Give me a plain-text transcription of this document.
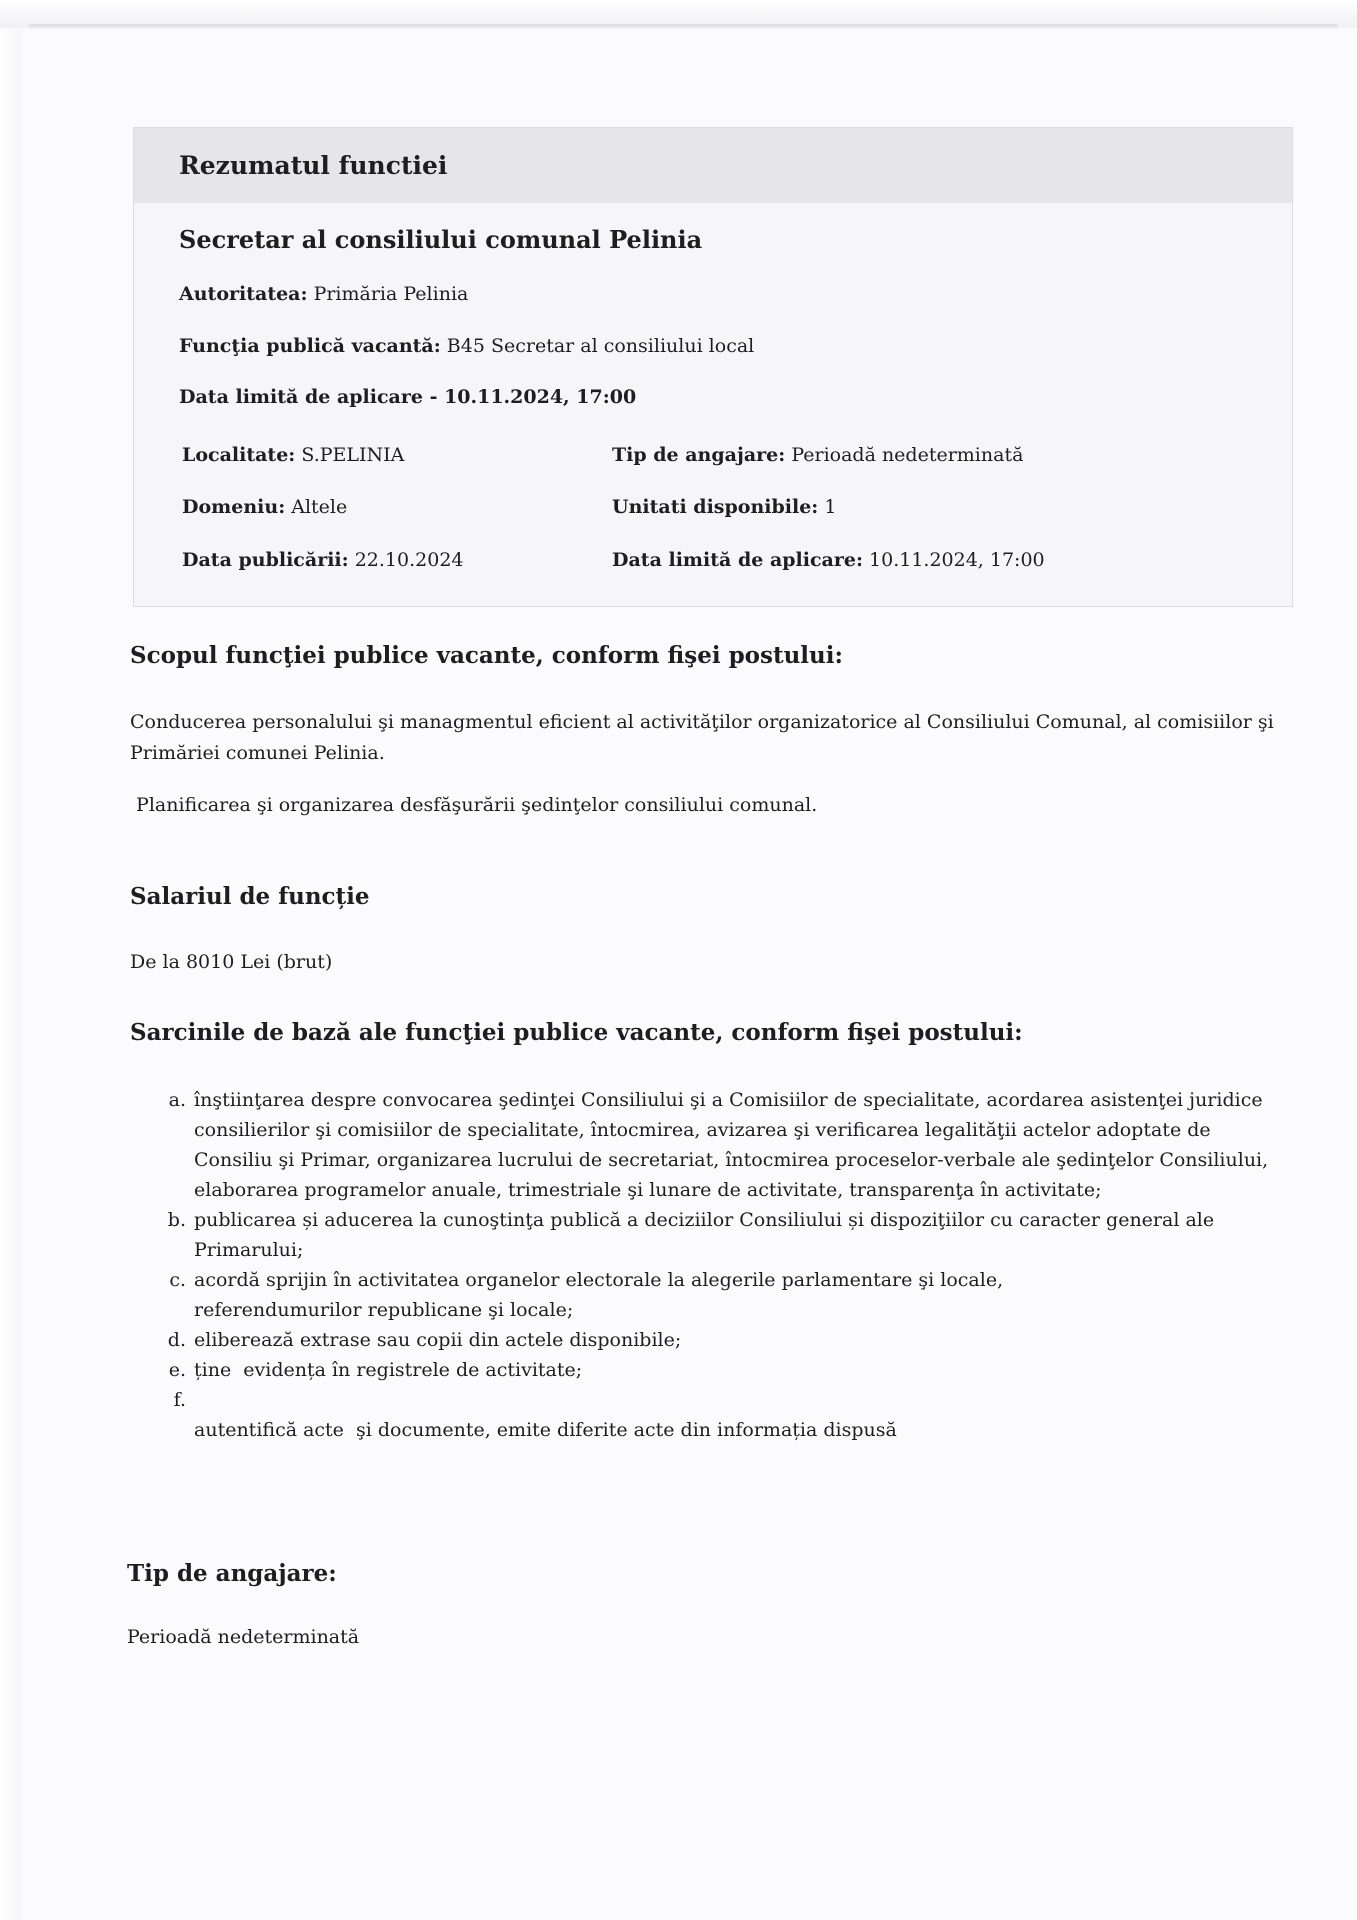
Rezumatul functiei
Secretar al consiliului comunal Pelinia
Autoritatea: Primăria Pelinia
Funcţia publică vacantă: B45 Secretar al consiliului local
Data limită de aplicare - 10.11.2024, 17:00
Localitate: S.PELINIA	Tip de angajare: Perioadă nedeterminată
Domeniu: Altele	Unitati disponibile: 1
Data publicării: 22.10.2024	Data limită de aplicare: 10.11.2024, 17:00
Scopul funcţiei publice vacante, conform fişei postului:

Conducerea personalului şi managmentul eficient al activităţilor organizatorice al Consiliului Comunal, al comisiilor şi Primăriei comunei Pelinia.

Planificarea şi organizarea desfăşurării şedinţelor consiliului comunal.

Salariul de funcție

De la 8010 Lei (brut)

Sarcinile de bază ale funcţiei publice vacante, conform fişei postului:
a. înştiinţarea despre convocarea şedinţei Consiliului şi a Comisiilor de specialitate, acordarea asistenţei juridice consilierilor şi comisiilor de specialitate, întocmirea, avizarea şi verificarea legalităţii actelor adoptate de Consiliu şi Primar, organizarea lucrului de secretariat, întocmirea proceselor-verbale ale şedinţelor Consiliului, elaborarea programelor anuale, trimestriale şi lunare de activitate, transparenţa în activitate;
b. publicarea și aducerea la cunoştinţa publică a deciziilor Consiliului și dispoziţiilor cu caracter general ale Primarului;
c. acordă sprijin în activitatea organelor electorale la alegerile parlamentare şi locale, referendumurilor republicane şi locale;
d. eliberează extrase sau copii din actele disponibile;
e. ține  evidența în registrele de activitate;
f.
autentifică acte  şi documente, emite diferite acte din informația dispusă
Tip de angajare:

Perioadă nedeterminată
